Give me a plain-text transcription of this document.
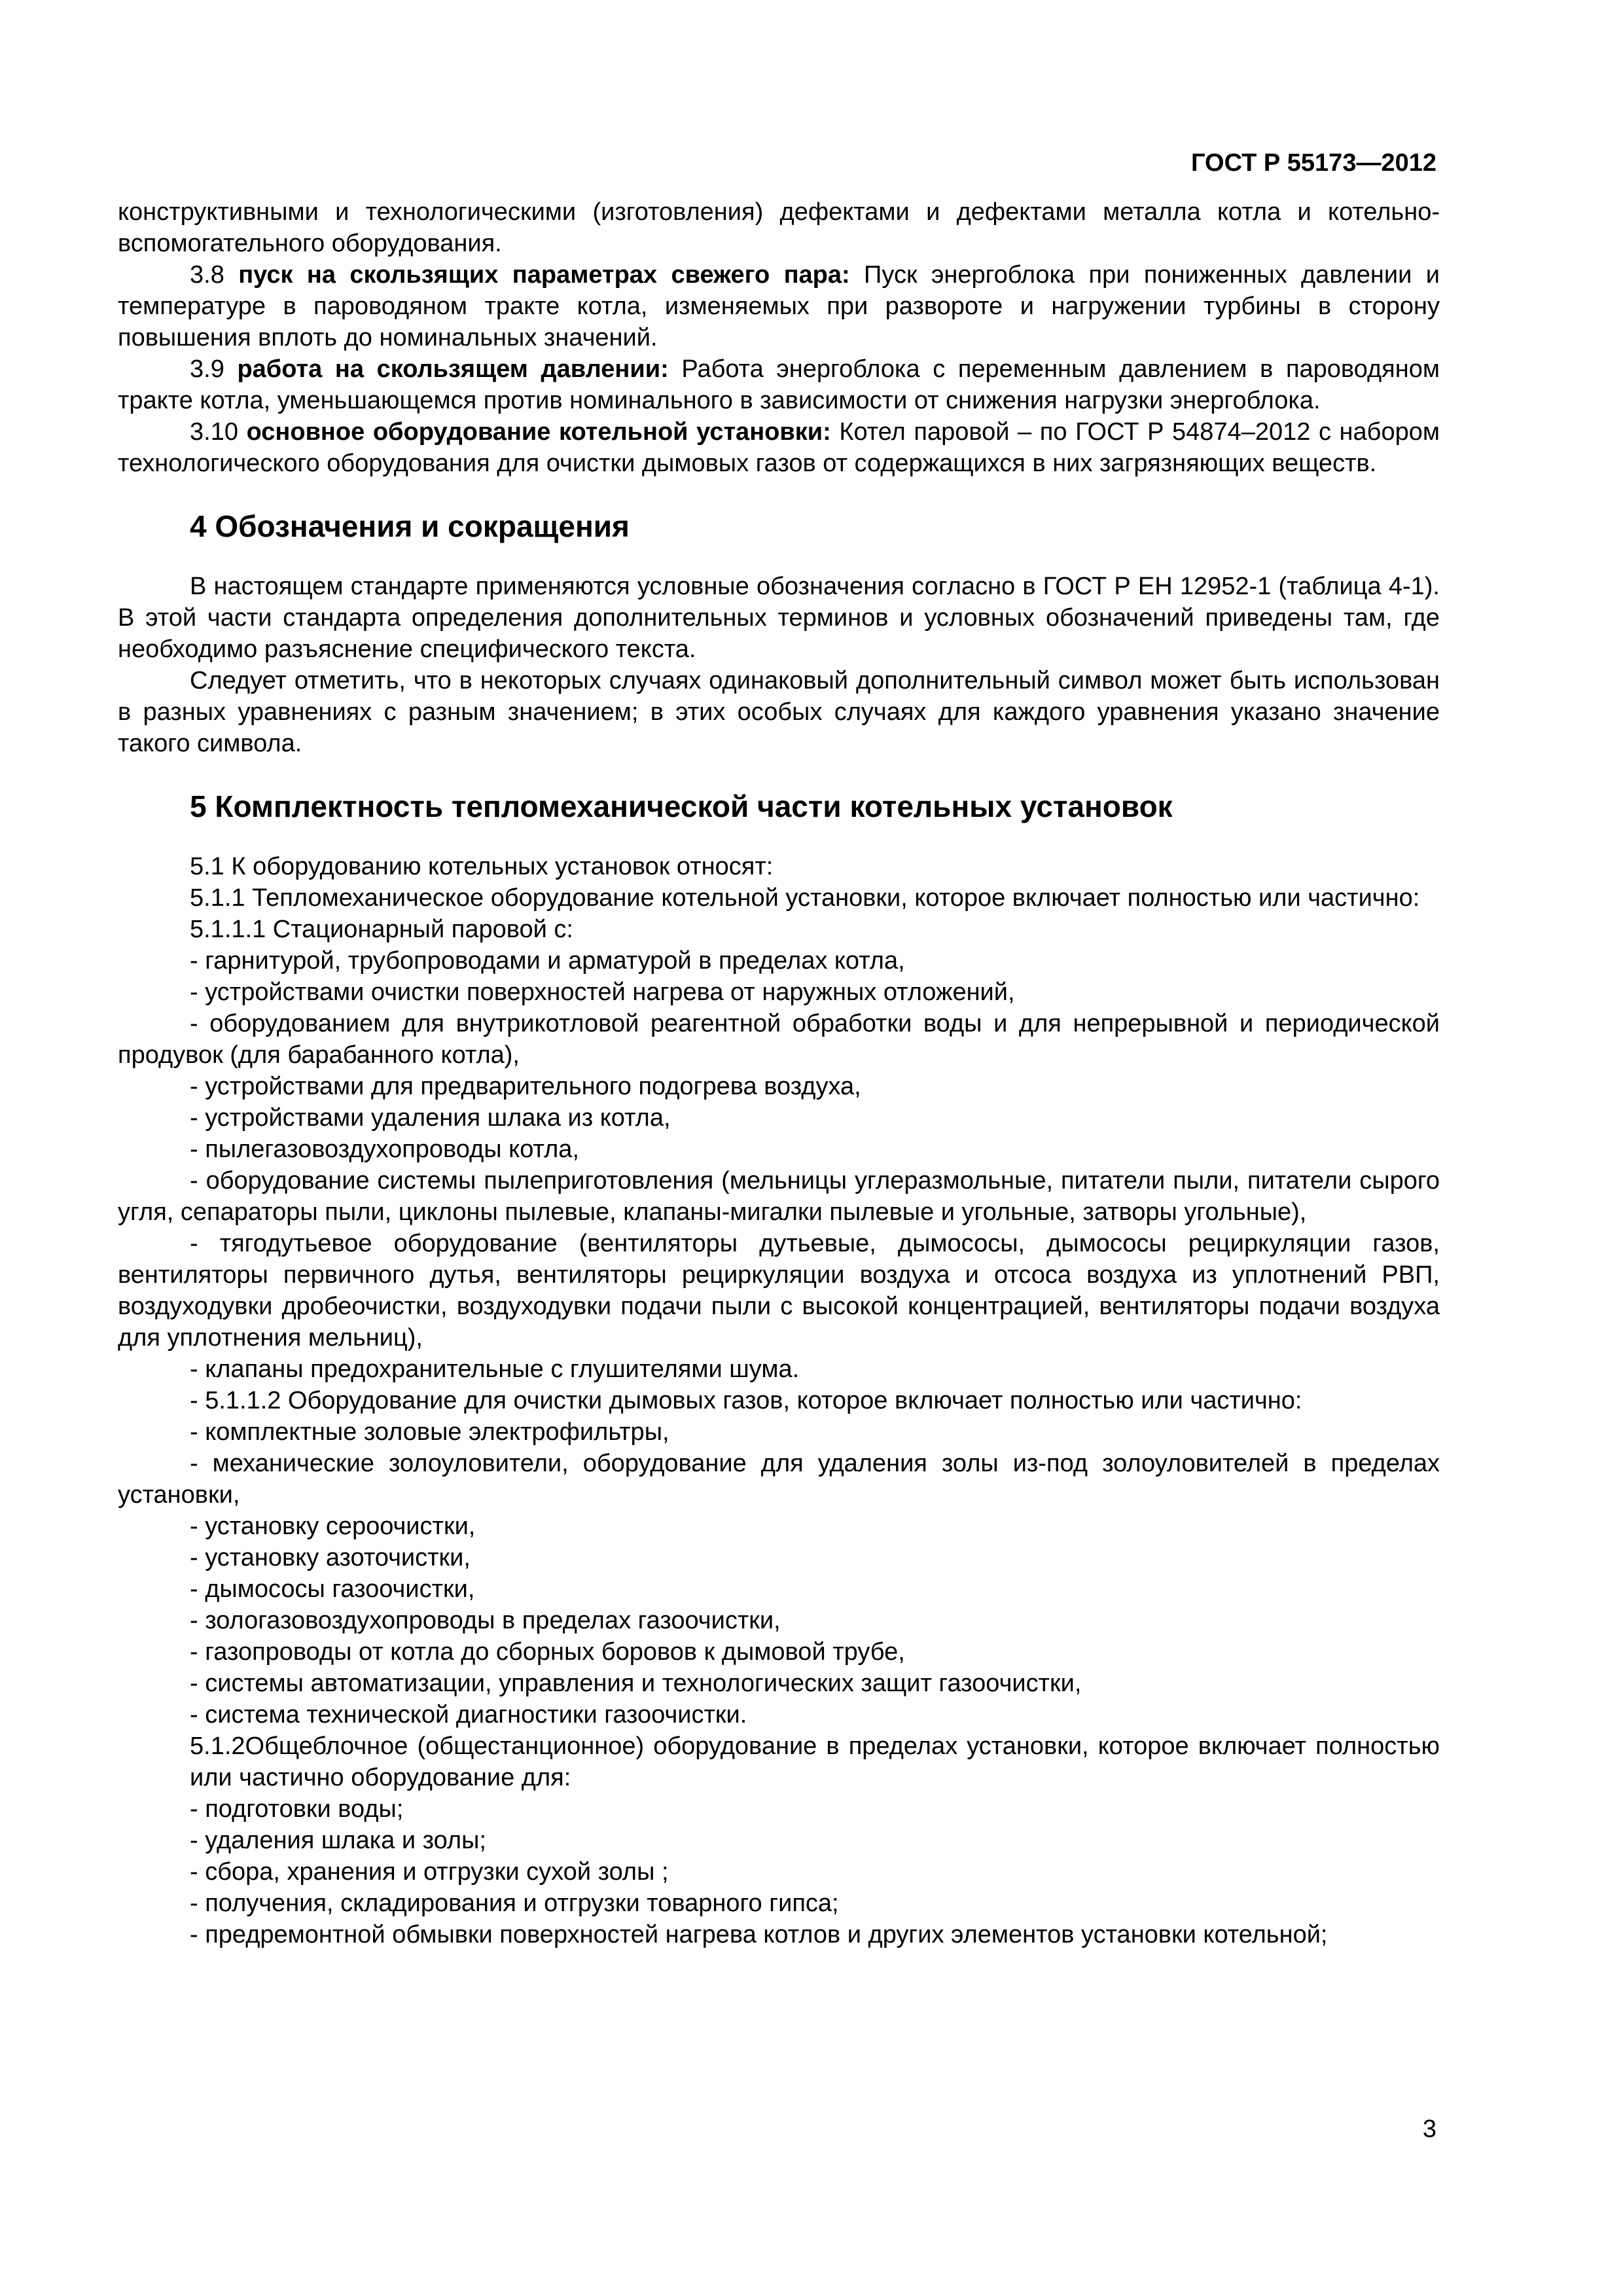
ГОСТ Р 55173—2012

конструктивными и технологическими (изготовления) дефектами и дефектами металла котла и котельно-вспомогательного оборудования.

3.8 пуск на скользящих параметрах свежего пара: Пуск энергоблока при пониженных давлении и температуре в пароводяном тракте котла, изменяемых при развороте и нагружении турбины в сторону повышения вплоть до номинальных значений.

3.9 работа на скользящем давлении: Работа энергоблока с переменным давлением в пароводяном тракте котла, уменьшающемся против номинального в зависимости от снижения нагрузки энергоблока.

3.10 основное оборудование котельной установки: Котел паровой – по ГОСТ Р 54874–2012 с набором технологического оборудования для очистки дымовых газов от содержащихся в них загрязняющих веществ.

4 Обозначения и сокращения

В настоящем стандарте применяются условные обозначения согласно в ГОСТ Р ЕН 12952-1 (таблица 4-1). В этой части стандарта определения дополнительных терминов и условных обозначений приведены там, где необходимо разъяснение специфического текста.

Следует отметить, что в некоторых случаях одинаковый дополнительный символ может быть использован в разных уравнениях с разным значением; в этих особых случаях для каждого уравнения указано значение такого символа.

5 Комплектность тепломеханической части котельных установок

5.1 К оборудованию котельных установок относят:

5.1.1 Тепломеханическое оборудование котельной установки, которое включает полностью или частично:

5.1.1.1 Стационарный паровой с:

- гарнитурой, трубопроводами и арматурой в пределах котла,

- устройствами очистки поверхностей нагрева от наружных отложений,

- оборудованием для внутрикотловой реагентной обработки воды и для непрерывной и периодической продувок (для барабанного котла),

- устройствами для предварительного подогрева воздуха,

- устройствами удаления шлака из котла,

- пылегазовоздухопроводы котла,

- оборудование системы пылеприготовления (мельницы углеразмольные, питатели пыли, питатели сырого угля, сепараторы пыли, циклоны пылевые, клапаны-мигалки пылевые и угольные, затворы угольные),

- тягодутьевое оборудование (вентиляторы дутьевые, дымососы, дымососы рециркуляции газов, вентиляторы первичного дутья, вентиляторы рециркуляции воздуха и отсоса воздуха из уплотнений РВП, воздуходувки дробеочистки, воздуходувки подачи пыли с высокой концентрацией, вентиляторы подачи воздуха для уплотнения мельниц),

- клапаны предохранительные с глушителями шума.

- 5.1.1.2 Оборудование для очистки дымовых газов, которое включает полностью или частично:

- комплектные золовые электрофильтры,

- механические золоуловители, оборудование для удаления золы из-под золоуловителей в пределах установки,

- установку сероочистки,

- установку азоточистки,

- дымососы газоочистки,

- зологазовоздухопроводы в пределах газоочистки,

- газопроводы от котла до сборных боровов к дымовой трубе,

- системы автоматизации, управления и технологических защит газоочистки,

- система технической диагностики газоочистки.

5.1.2Общеблочное (общестанционное) оборудование в пределах установки, которое включает полностью или частично оборудование для:

- подготовки воды;

- удаления шлака и золы;

- сбора, хранения и отгрузки сухой золы ;

- получения, складирования и отгрузки товарного гипса;

- предремонтной обмывки поверхностей нагрева котлов и других элементов установки котельной;

3
